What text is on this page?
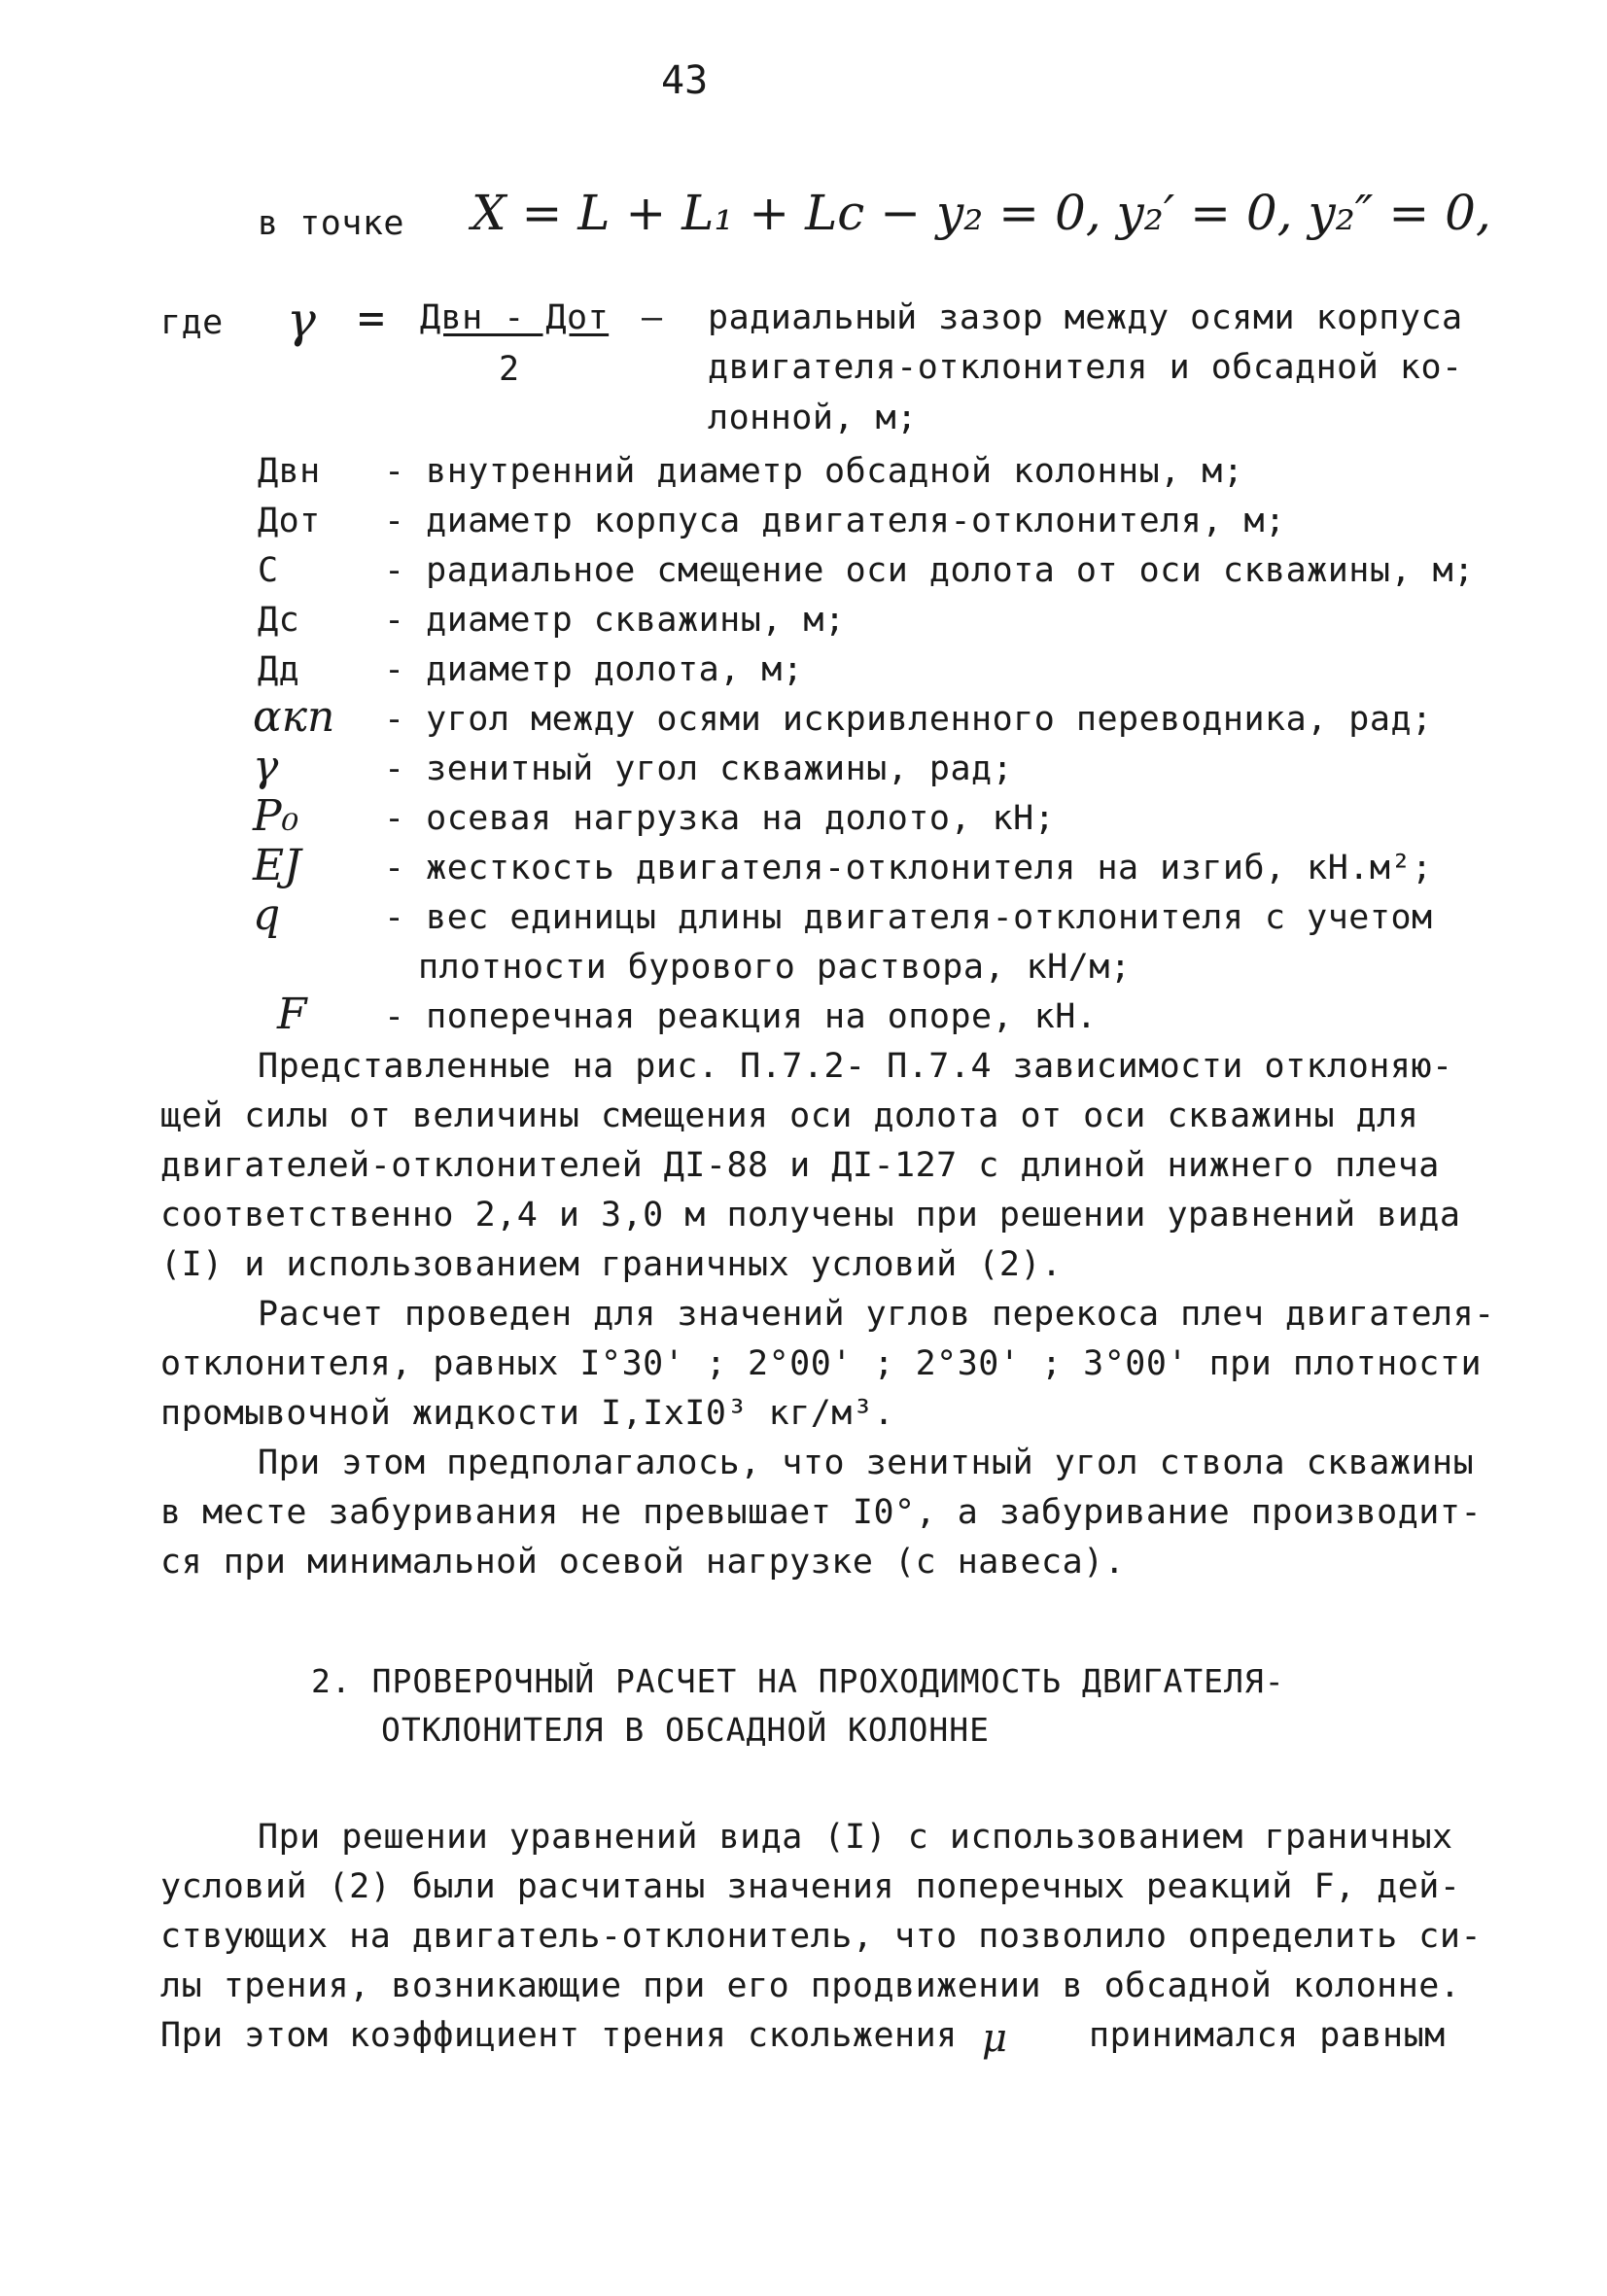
43
в точке X = L + L₁ + Lc − y₂ = 0, y₂′ = 0, y₂″ = 0,
где γ = Двн - Дот
2
– радиальный зазор между осями корпуса
двигателя-отклонителя и обсадной ко-
лонной, м;
Двн - внутренний диаметр обсадной колонны, м;
Дот - диаметр корпуса двигателя-отклонителя, м;
С	- радиальное смещение оси долота от оси скважины, м;
Дс - диаметр скважины, м;
Дд - диаметр долота, м;
αкп - угол между осями искривленного переводника, рад;
γ	- зенитный угол скважины, рад;
P₀	- осевая нагрузка на долото, кН;
EJ - жесткость двигателя-отклонителя на изгиб, кН.м²;
q	- вес единицы длины двигателя-отклонителя с учетом
плотности бурового раствора, кН/м;
F - поперечная реакция на опоре, кН.
Представленные на рис. П.7.2- П.7.4 зависимости отклоняю-
щей силы от величины смещения оси долота от оси скважины для
двигателей-отклонителей ДI-88 и ДI-127 с длиной нижнего плеча
соответственно 2,4 и 3,0 м получены при решении уравнений вида
(I) и использованием граничных условий (2).
Расчет проведен для значений углов перекоса плеч двигателя-
отклонителя, равных I°30' ; 2°00' ; 2°30' ; 3°00' при плотности
промывочной жидкости I,IxI0³ кг/м³.
При этом предполагалось, что зенитный угол ствола скважины
в месте забуривания не превышает I0°, а забуривание производит-
ся при минимальной осевой нагрузке (с навеса).
2. ПРОВЕРОЧНЫЙ РАСЧЕТ НА ПРОХОДИМОСТЬ ДВИГАТЕЛЯ-
ОТКЛОНИТЕЛЯ В ОБСАДНОЙ КОЛОННЕ
При решении уравнений вида (I) с использованием граничных
условий (2) были расчитаны значения поперечных реакций F, дей-
ствующих на двигатель-отклонитель, что позволило определить си-
лы трения, возникающие при его продвижении в обсадной колонне.
При этом коэффициент трения скольжения μ принимался равным
